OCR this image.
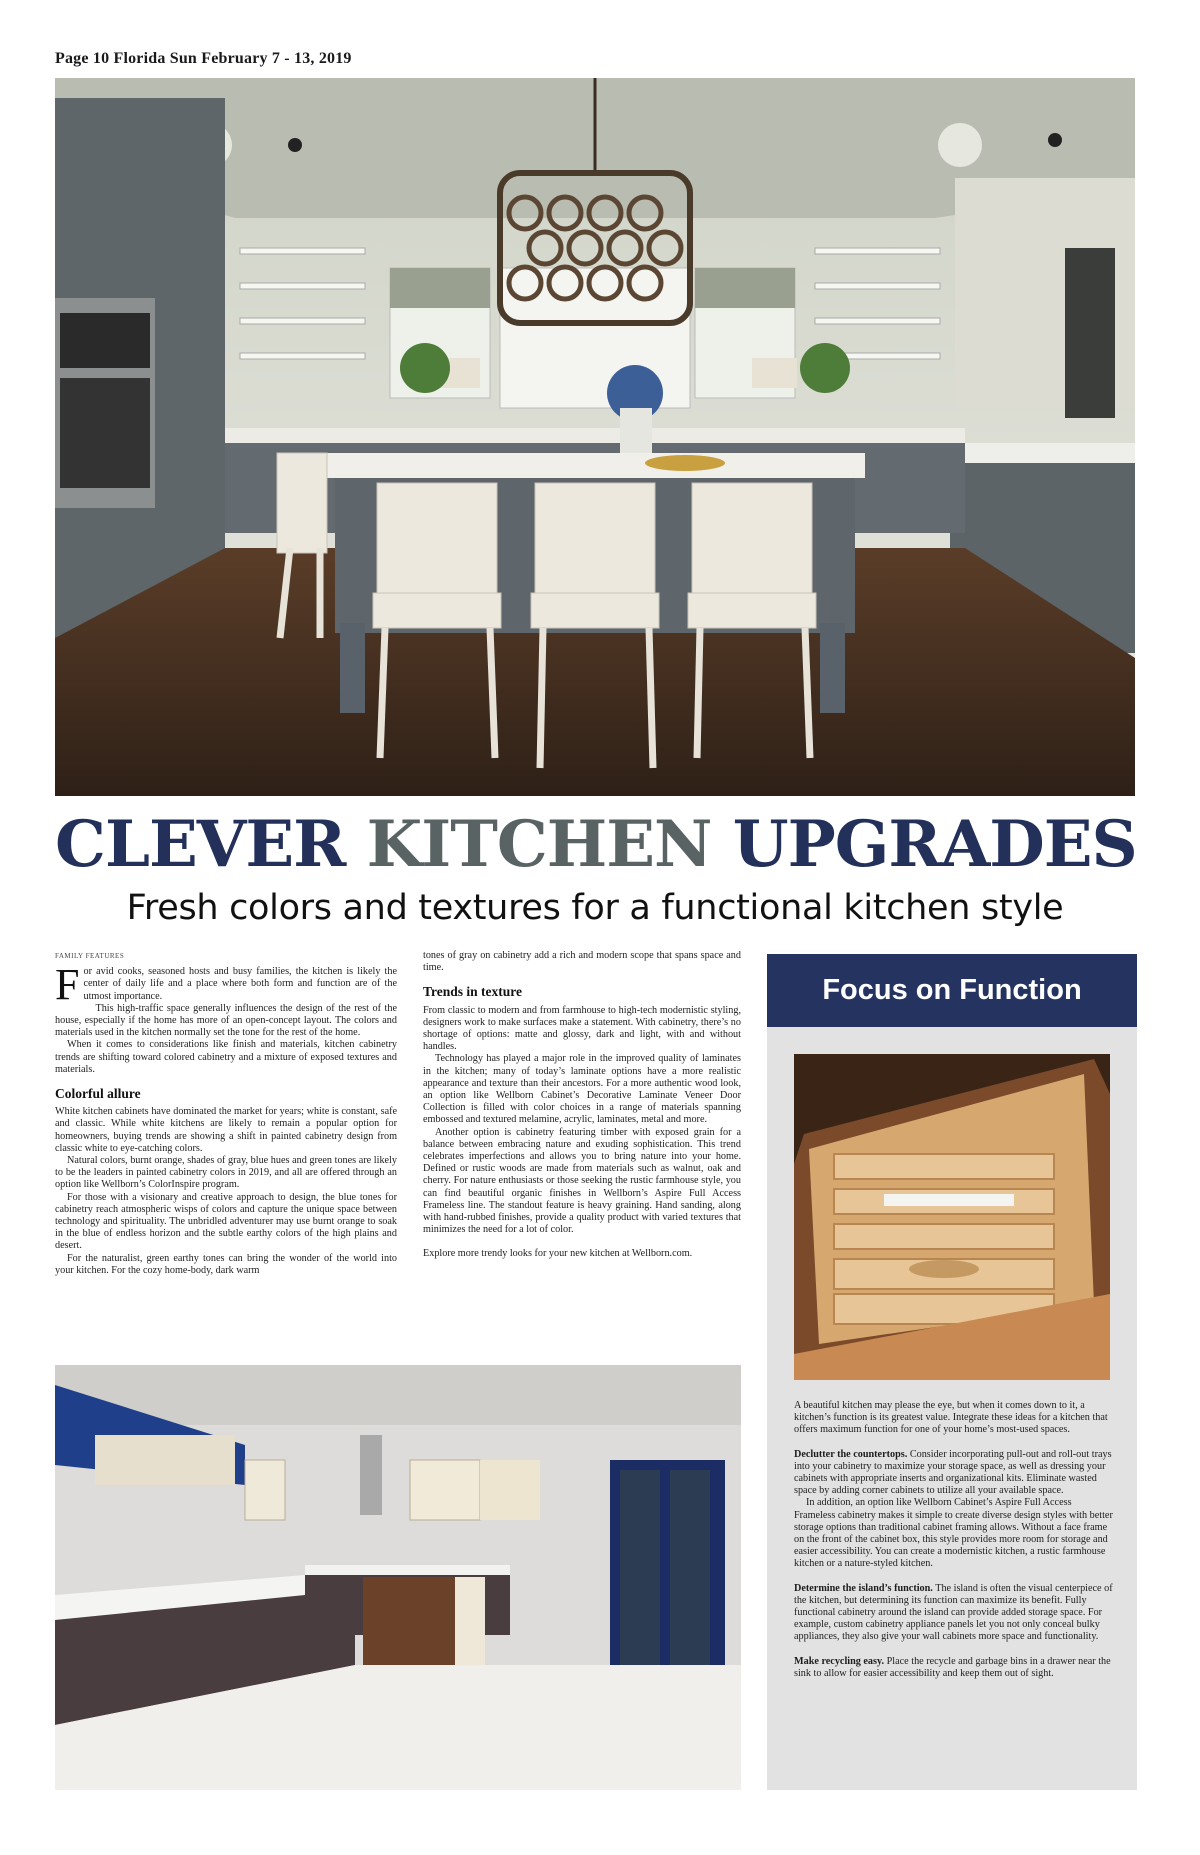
Page 10 Florida Sun February 7 - 13, 2019
CLEVER KITCHEN UPGRADES
Fresh colors and textures for a functional kitchen style
FAMILY FEATURES

For avid cooks, seasoned hosts and busy families, the kitchen is likely the center of daily life and a place where both form and function are of the utmost importance.

This high-traffic space generally influences the design of the rest of the house, especially if the home has more of an open-concept layout. The colors and materials used in the kitchen normally set the tone for the rest of the home.

When it comes to considerations like finish and materials, kitchen cabinetry trends are shifting toward colored cabinetry and a mixture of exposed textures and materials.

Colorful allure

White kitchen cabinets have dominated the market for years; white is constant, safe and classic. While white kitchens are likely to remain a popular option for homeowners, buying trends are showing a shift in painted cabinetry design from classic white to eye-catching colors.

Natural colors, burnt orange, shades of gray, blue hues and green tones are likely to be the leaders in painted cabinetry colors in 2019, and all are offered through an option like Wellborn’s ColorInspire program.

For those with a visionary and creative approach to design, the blue tones for cabinetry reach atmospheric wisps of colors and capture the unique space between technology and spirituality. The unbridled adventurer may use burnt orange to soak in the blue of endless horizon and the subtle earthy colors of the high plains and desert.

For the naturalist, green earthy tones can bring the wonder of the world into your kitchen. For the cozy home-body, dark warm

tones of gray on cabinetry add a rich and modern scope that spans space and time.

Trends in texture

From classic to modern and from farmhouse to high-tech modernistic styling, designers work to make surfaces make a statement. With cabinetry, there’s no shortage of options: matte and glossy, dark and light, with and without handles.

Technology has played a major role in the improved quality of laminates in the kitchen; many of today’s laminate options have a more realistic appearance and texture than their ancestors. For a more authentic wood look, an option like Wellborn Cabinet’s Decorative Laminate Veneer Door Collection is filled with color choices in a range of materials spanning embossed and textured melamine, acrylic, laminates, metal and more.

Another option is cabinetry featuring timber with exposed grain for a balance between embracing nature and exuding sophistication. This trend celebrates imperfections and allows you to bring nature into your home. Defined or rustic woods are made from materials such as walnut, oak and cherry. For nature enthusiasts or those seeking the rustic farmhouse style, you can find beautiful organic finishes in Wellborn’s Aspire Full Access Frameless line. The standout feature is heavy graining. Hand sanding, along with hand-rubbed finishes, provide a quality product with varied textures that minimizes the need for a lot of color.

Explore more trendy looks for your new kitchen at Wellborn.com.

Focus on Function

A beautiful kitchen may please the eye, but when it comes down to it, a kitchen’s function is its greatest value. Integrate these ideas for a kitchen that offers maximum function for one of your home’s most-used spaces.

Declutter the countertops. Consider incorporating pull-out and roll-out trays into your cabinetry to maximize your storage space, as well as dressing your cabinets with appropriate inserts and organizational kits. Eliminate wasted space by adding corner cabinets to utilize all your available space.

In addition, an option like Wellborn Cabinet’s Aspire Full Access Frameless cabinetry makes it simple to create diverse design styles with better storage options than traditional cabinet framing allows. Without a face frame on the front of the cabinet box, this style provides more room for storage and easier accessibility. You can create a modernistic kitchen, a rustic farmhouse kitchen or a nature-styled kitchen.

Determine the island’s function. The island is often the visual centerpiece of the kitchen, but determining its function can maximize its benefit. Fully functional cabinetry around the island can provide added storage space. For example, custom cabinetry appliance panels let you not only conceal bulky appliances, they also give your wall cabinets more space and functionality.

Make recycling easy. Place the recycle and garbage bins in a drawer near the sink to allow for easier accessibility and keep them out of sight.
